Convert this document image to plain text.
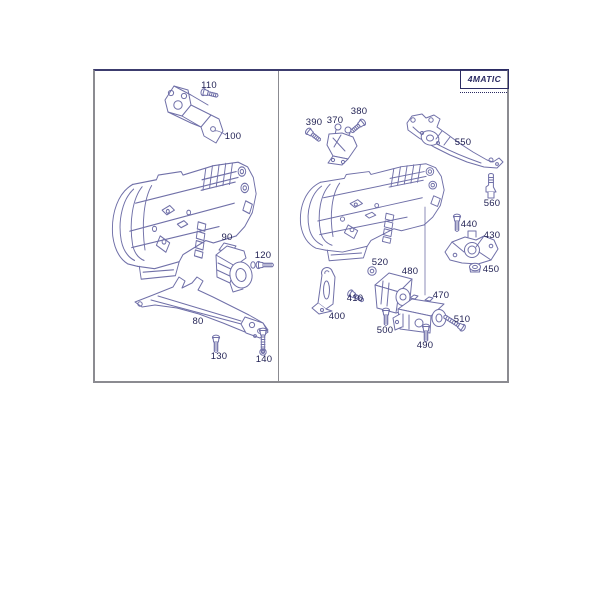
4MATIC
110
100
90
120
80
130	140
390 370
380
550
560
440
430
450
520
480
410
400
500
470
490
510
